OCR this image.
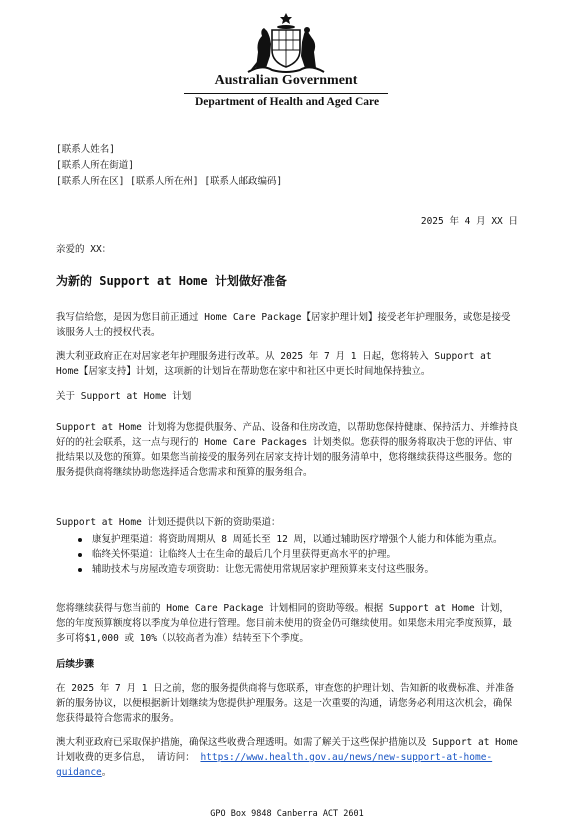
Australian Government
Department of Health and Aged Care
[联系人姓名]
[联系人所在街道]
[联系人所在区] [联系人所在州] [联系人邮政编码]
2025 年 4 月 XX 日
亲爱的 XX：
为新的 Support at Home 计划做好准备
我写信给您，是因为您目前正通过 Home Care Package【居家护理计划】接受老年护理服务，或您是接受该服务人士的授权代表。
澳大利亚政府正在对居家老年护理服务进行改革。从 2025 年 7 月 1 日起，您将转入 Support at Home【居家支持】计划，这项新的计划旨在帮助您在家中和社区中更长时间地保持独立。
关于 Support at Home 计划
Support at Home 计划将为您提供服务、产品、设备和住房改造，以帮助您保持健康、保持活力、并维持良好的的社会联系，这一点与现行的 Home Care Packages 计划类似。您获得的服务将取决于您的评估、审批结果以及您的预算。如果您当前接受的服务列在居家支持计划的服务清单中，您将继续获得这些服务。您的服务提供商将继续协助您选择适合您需求和预算的服务组合。
Support at Home 计划还提供以下新的资助渠道：
康复护理渠道：将资助周期从 8 周延长至 12 周，以通过辅助医疗增强个人能力和体能为重点。
临终关怀渠道：让临终人士在生命的最后几个月里获得更高水平的护理。
辅助技术与房屋改造专项资助：让您无需使用常规居家护理预算来支付这些服务。
您将继续获得与您当前的 Home Care Package 计划相同的资助等级。根据 Support at Home 计划，您的年度预算额度将以季度为单位进行管理。您目前未使用的资金仍可继续使用。如果您未用完季度预算，最多可将$1,000 或 10%（以较高者为准）结转至下个季度。
后续步骤
在 2025 年 7 月 1 日之前，您的服务提供商将与您联系，审查您的护理计划、告知新的收费标准、并准备新的服务协议，以便根据新计划继续为您提供护理服务。这是一次重要的沟通，请您务必利用这次机会，确保您获得最符合您需求的服务。
澳大利亚政府已采取保护措施，确保这些收费合理透明。如需了解关于这些保护措施以及 Support at Home 计划收费的更多信息， 请访问： https://www.health.gov.au/news/new-support-at-home-guidance。
GPO Box 9848 Canberra ACT 2601
